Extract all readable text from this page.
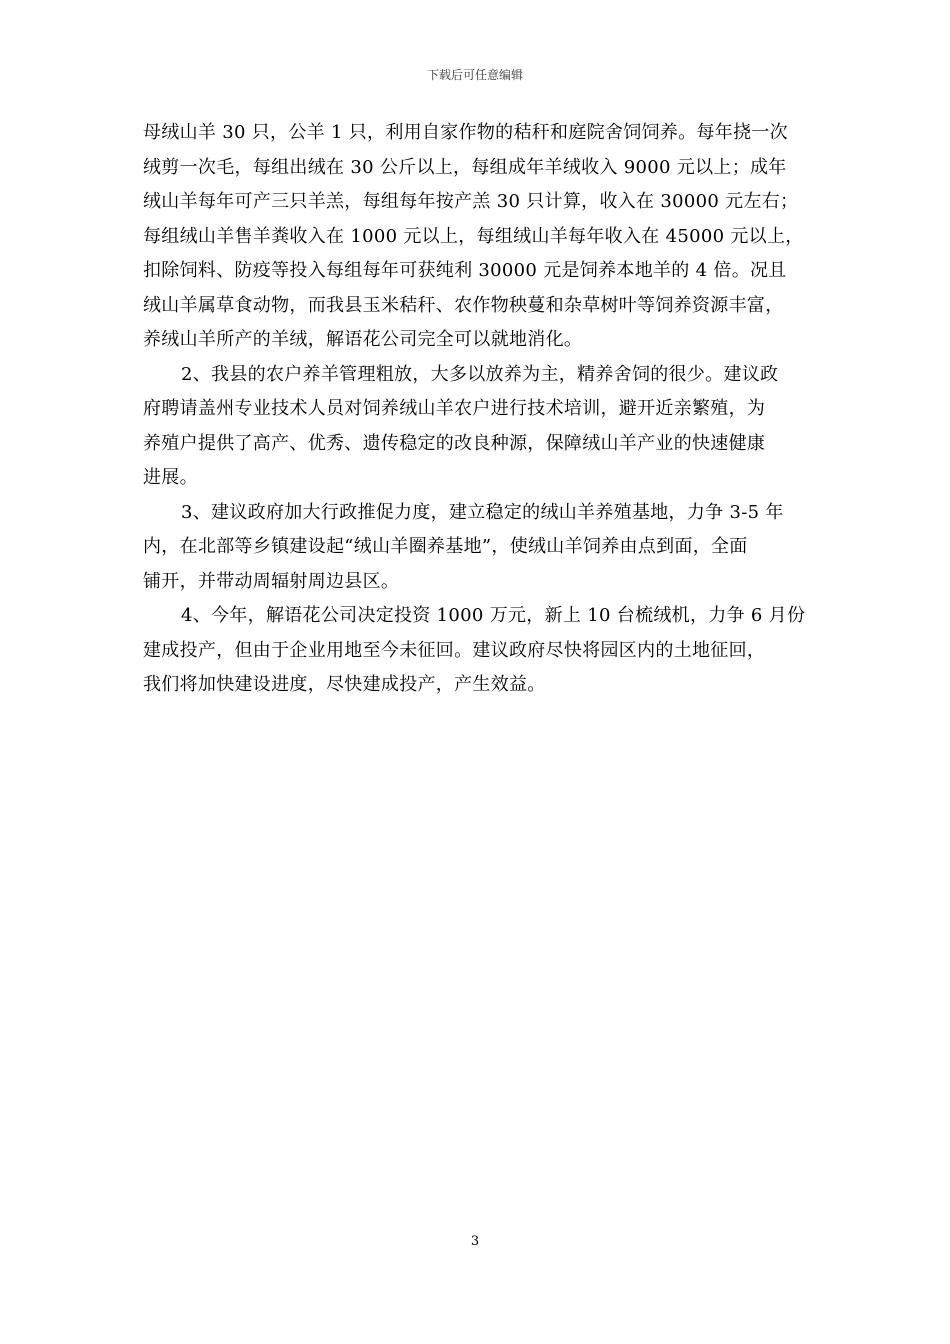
下载后可任意编辑

母绒山羊 30 只，公羊 1 只，利用自家作物的秸秆和庭院舍饲饲养。每年挠一次
绒剪一次毛，每组出绒在 30 公斤以上，每组成年羊绒收入 9000 元以上；成年
绒山羊每年可产三只羊羔，每组每年按产羔 30 只计算，收入在 30000 元左右；
每组绒山羊售羊粪收入在 1000 元以上，每组绒山羊每年收入在 45000 元以上，
扣除饲料、防疫等投入每组每年可获纯利 30000 元是饲养本地羊的 4 倍。况且
绒山羊属草食动物，而我县玉米秸秆、农作物秧蔓和杂草树叶等饲养资源丰富，
养绒山羊所产的羊绒，解语花公司完全可以就地消化。

2、我县的农户养羊管理粗放，大多以放养为主，精养舍饲的很少。建议政
府聘请盖州专业技术人员对饲养绒山羊农户进行技术培训，避开近亲繁殖，为
养殖户提供了高产、优秀、遗传稳定的改良种源，保障绒山羊产业的快速健康
进展。

3、建议政府加大行政推促力度，建立稳定的绒山羊养殖基地，力争 3-5 年
内，在北部等乡镇建设起“绒山羊圈养基地”，使绒山羊饲养由点到面，全面
铺开，并带动周辐射周边县区。

4、今年，解语花公司决定投资 1000 万元，新上 10 台梳绒机，力争 6 月份
建成投产，但由于企业用地至今未征回。建议政府尽快将园区内的土地征回，
我们将加快建设进度，尽快建成投产，产生效益。

3
